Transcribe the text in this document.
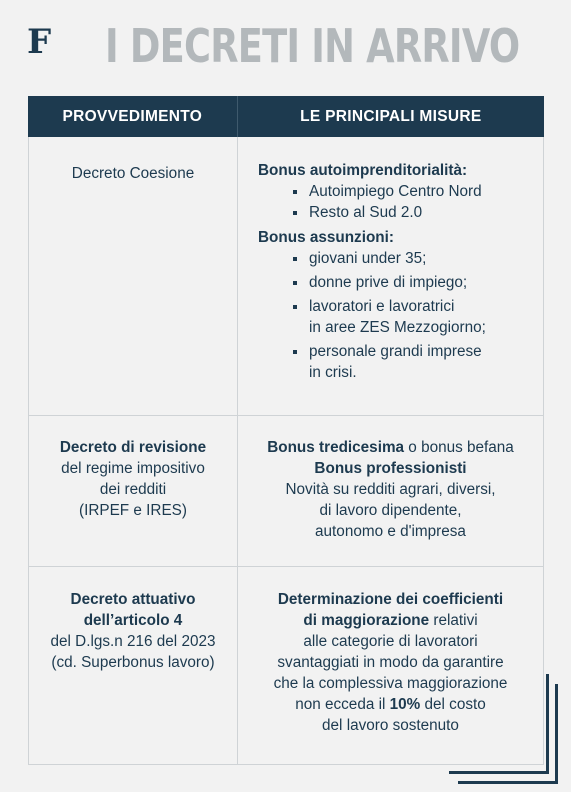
F I DECRETI IN ARRIVO
PROVVEDIMENTO	LE PRINCIPALI MISURE
Decreto Coesione	Bonus autoimprenditorialità:
Autoimpiego Centro Nord
Resto al Sud 2.0
Bonus assunzioni:
giovani under 35;
donne prive di impiego;
lavoratori e lavoratrici
in aree ZES Mezzogiorno;
personale grandi imprese
in crisi.
Decreto di revisione
del regime impositivo
dei redditi
(IRPEF e IRES)
Bonus tredicesima o bonus befana
Bonus professionisti
Novità su redditi agrari, diversi,
di lavoro dipendente,
autonomo e d'impresa
Decreto attuativo
dell’articolo 4
del D.lgs.n 216 del 2023
(cd. Superbonus lavoro)
Determinazione dei coefficienti
di maggiorazione relativi
alle categorie di lavoratori
svantaggiati in modo da garantire
che la complessiva maggiorazione
non ecceda il 10% del costo
del lavoro sostenuto
